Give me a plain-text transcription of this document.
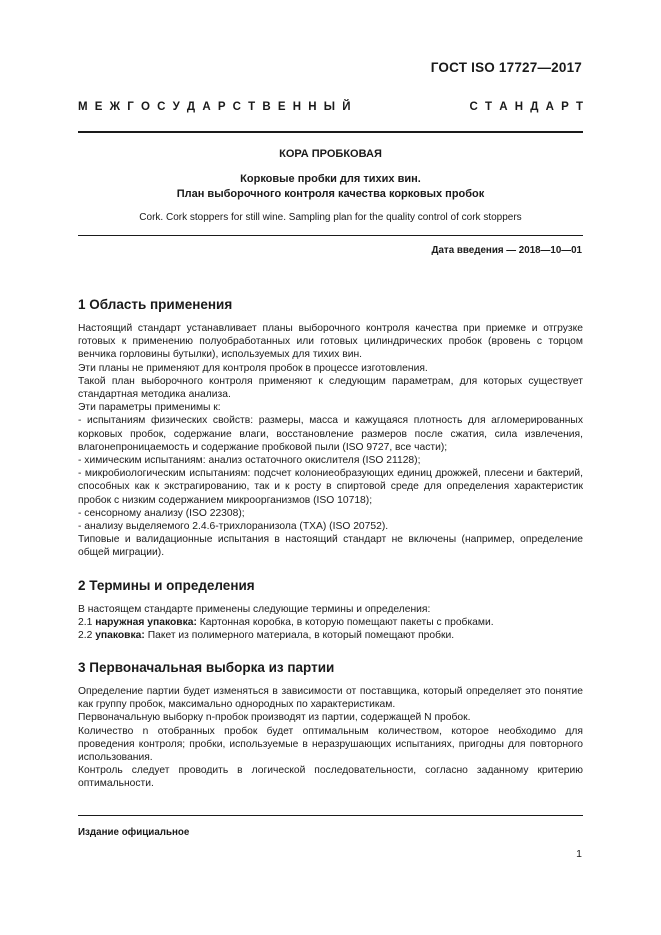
ГОСТ ISO 17727—2017
М Е Ж Г О С У Д А Р С Т В Е Н Н Ы Й	С Т А Н Д А Р Т
КОРА ПРОБКОВАЯ
Корковые пробки для тихих вин.
План выборочного контроля качества корковых пробок
Cork. Cork stoppers for still wine. Sampling plan for the quality control of cork stoppers
Дата введения — 2018—10—01
1 Область применения

Настоящий стандарт устанавливает планы выборочного контроля качества при приемке и отгрузке готовых к применению полуобработанных или готовых цилиндрических пробок (вровень с торцом венчика горловины бутылки), используемых для тихих вин.

Эти планы не применяют для контроля пробок в процессе изготовления.

Такой план выборочного контроля применяют к следующим параметрам, для которых существует стандартная методика анализа.

Эти параметры применимы к:

- испытаниям физических свойств: размеры, масса и кажущаяся плотность для агломерированных корковых пробок, содержание влаги, восстановление размеров после сжатия, сила извлечения, влагонепроницаемость и содержание пробковой пыли (ISO 9727, все части);

- химическим испытаниям: анализ остаточного окислителя (ISO 21128);

- микробиологическим испытаниям: подсчет колониеобразующих единиц дрожжей, плесени и бактерий, способных как к экстрагированию, так и к росту в спиртовой среде для определения характеристик пробок с низким содержанием микроорганизмов (ISO 10718);

- сенсорному анализу (ISO 22308);

- анализу выделяемого 2.4.6-трихлоранизола (ТХА) (ISO 20752).

Типовые и валидационные испытания в настоящий стандарт не включены (например, определение общей миграции).

2 Термины и определения

В настоящем стандарте применены следующие термины и определения:

2.1 наружная упаковка: Картонная коробка, в которую помещают пакеты с пробками.

2.2 упаковка: Пакет из полимерного материала, в который помещают пробки.

3 Первоначальная выборка из партии

Определение партии будет изменяться в зависимости от поставщика, который определяет это понятие как группу пробок, максимально однородных по характеристикам.

Первоначальную выборку n-пробок производят из партии, содержащей N пробок.

Количество n отобранных пробок будет оптимальным количеством, которое необходимо для проведения контроля; пробки, используемые в неразрушающих испытаниях, пригодны для повторного использования.

Контроль следует проводить в логической последовательности, согласно заданному критерию оптимальности.

Издание официальное
1
